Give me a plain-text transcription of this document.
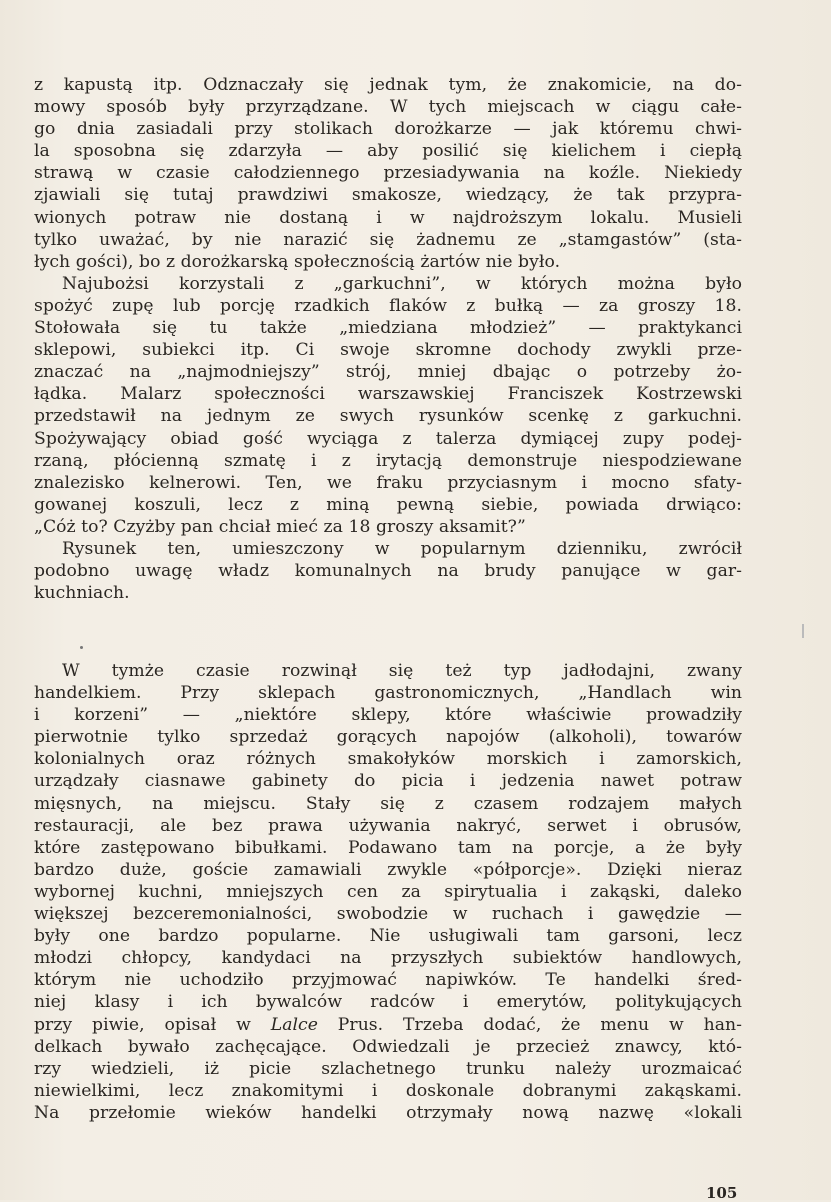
z kapustą itp. Odznaczały się jednak tym, że znakomicie, na do-
mowy sposób były przyrządzane. W tych miejscach w ciągu całe-
go dnia zasiadali przy stolikach dorożkarze — jak któremu chwi-
la sposobna się zdarzyła — aby posilić się kielichem i ciepłą
strawą w czasie całodziennego przesiadywania na koźle. Niekiedy
zjawiali się tutaj prawdziwi smakosze, wiedzący, że tak przypra-
wionych potraw nie dostaną i w najdroższym lokalu. Musieli
tylko uważać, by nie narazić się żadnemu ze „stamgastów” (sta-
łych gości), bo z dorożkarską społecznością żartów nie było.
Najubożsi korzystali z „garkuchni”, w których można było
spożyć zupę lub porcję rzadkich flaków z bułką — za groszy 18.
Stołowała się tu także „miedziana młodzież” — praktykanci
sklepowi, subiekci itp. Ci swoje skromne dochody zwykli prze-
znaczać na „najmodniejszy” strój, mniej dbając o potrzeby żo-
łądka. Malarz społeczności warszawskiej Franciszek Kostrzewski
przedstawił na jednym ze swych rysunków scenkę z garkuchni.
Spożywający obiad gość wyciąga z talerza dymiącej zupy podej-
rzaną, płócienną szmatę i z irytacją demonstruje niespodziewane
znalezisko kelnerowi. Ten, we fraku przyciasnym i mocno sfaty-
gowanej koszuli, lecz z miną pewną siebie, powiada drwiąco:
„Cóż to? Czyżby pan chciał mieć za 18 groszy aksamit?”
Rysunek ten, umieszczony w popularnym dzienniku, zwrócił
podobno uwagę władz komunalnych na brudy panujące w gar-
kuchniach.
W tymże czasie rozwinął się też typ jadłodajni, zwany
handelkiem. Przy sklepach gastronomicznych, „Handlach win
i korzeni” — „niektóre sklepy, które właściwie prowadziły
pierwotnie tylko sprzedaż gorących napojów (alkoholi), towarów
kolonialnych oraz różnych smakołyków morskich i zamorskich,
urządzały ciasnawe gabinety do picia i jedzenia nawet potraw
mięsnych, na miejscu. Stały się z czasem rodzajem małych
restauracji, ale bez prawa używania nakryć, serwet i obrusów,
które zastępowano bibułkami. Podawano tam na porcje, a że były
bardzo duże, goście zamawiali zwykle «półporcje». Dzięki nieraz
wybornej kuchni, mniejszych cen za spirytualia i zakąski, daleko
większej bezceremonialności, swobodzie w ruchach i gawędzie —
były one bardzo popularne. Nie usługiwali tam garsoni, lecz
młodzi chłopcy, kandydaci na przyszłych subiektów handlowych,
którym nie uchodziło przyjmować napiwków. Te handelki śred-
niej klasy i ich bywalców radców i emerytów, politykujących
przy piwie, opisał w Lalce Prus. Trzeba dodać, że menu w han-
delkach bywało zachęcające. Odwiedzali je przecież znawcy, któ-
rzy wiedzieli, iż picie szlachetnego trunku należy urozmaicać
niewielkimi, lecz znakomitymi i doskonale dobranymi zakąskami.
Na przełomie wieków handelki otrzymały nową nazwę «lokali
105
